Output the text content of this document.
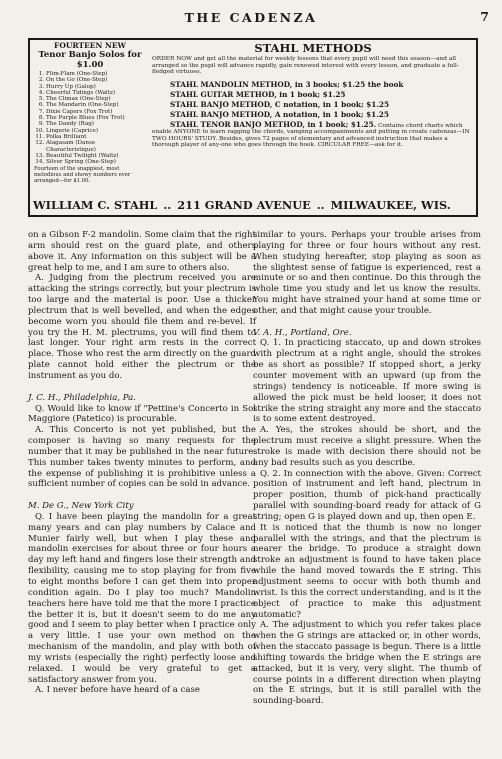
THE CADENZA	7
FOURTEEN NEW
Tenor Banjo Solos for $1.00
1. Flim-Flam (One-Step)
2. On the Go (One-Step)
3. Hurry Up (Galop)
4. Cheerful Tidings (Waltz)
5. The Climax (One-Step)
6. The Mandarin (One-Step)
7. Dixie Capers (Fox Trot)
8. The Purple Blues (Fox Trot)
9. The Dandy (Rag)
10. Lingerie (Caprice)
11. Polka Brilliant
12. Alagasam (Danse Characteristique)
13. Beautiful Twilight (Waltz)
14. Silver Spring (One-Step)
Fourteen of the snappiest, most melodious and showy numbers ever arranged—for $1.00.
STAHL METHODS
ORDER NOW and get all the material for weekly lessons that every pupil will need this season—and all arranged so the pupil will advance rapidly, gain renewed interest with every lesson, and graduate a full-fledged virtuoso.
STAHL MANDOLIN METHOD, in 3 books; $1.25 the book
STAHL GUITAR METHOD, in 1 book; $1.25
STAHL BANJO METHOD, C notation, in 1 book; $1.25
STAHL BANJO METHOD, A notation, in 1 book; $1.25
STAHL TENOR BANJO METHOD, in 1 book; $1.25. Contains chord charts which enable ANYONE to learn ragging the chords, vamping accompaniments and putting in create cadenzas—IN TWO HOURS' STUDY. Besides, gives 72 pages of elementary and advanced instruction that makes a thorough player of any-one who goes through the book. CIRCULAR FREE—ask for it.
WILLIAM C. STAHL .. 211 GRAND AVENUE .. MILWAUKEE, WIS.

on a Gibson F-2 mandolin. Some claim that the right arm should rest on the guard plate, and others above it. Any information on this subject will be a great help to me, and I am sure to others also.

A. Judging from the plectrum received you are attacking the strings correctly, but your plectrum is too large and the material is poor. Use a thicker plectrum that is well bevelled, and when the edges become worn you should file them and re-bevel. If you try the H. M. plectrums, you will find them to last longer. Your right arm rests in the correct place. Those who rest the arm directly on the guard plate cannot hold either the plectrum or the instrument as you do.

J. C. H., Philadelphia, Pa.

Q. Would like to know if "Pettine's Concerto in Sol Maggiore (Patetico) is procurable.

A. This Concerto is not yet published, but the composer is having so many requests for the number that it may be published in the near future. This number takes twenty minutes to perform, and the expense of publishing it is prohibitive unless a sufficient number of copies can be sold in advance.

M. De G., New York City

Q. I have been playing the mandolin for a great many years and can play numbers by Calace and Munier fairly well, but when I play these and mandolin exercises for about three or four hours a day my left hand and fingers lose their strength and flexibility, causing me to stop playing for from five to eight months before I can get them into proper condition again. Do I play too much? Mandolin teachers here have told me that the more I practice the better it is, but it doesn't seem to do me any good and I seem to play better when I practice only a very little. I use your own method on the mechanism of the mandolin, and play with both of my wrists (especially the right) perfectly loose and relaxed. I would be very grateful to get a satisfactory answer from you.

A. I never before have heard of a case

similar to yours. Perhaps your trouble arises from playing for three or four hours without any rest. When studying hereafter, stop playing as soon as the slightest sense of fatigue is experienced, rest a minute or so and then continue. Do this through the whole time you study and let us know the results. You might have strained your hand at some time or other, and that might cause your trouble.

V. A. H., Portland, Ore.

Q. 1. In practicing staccato, up and down strokes with plectrum at a right angle, should the strokes be as short as possible? If stopped short, a jerky counter movement with an upward (up from the strings) tendency is noticeable. If more swing is allowed the pick must be held looser, it does not strike the string straight any more and the staccato is to some extent destroyed.

A. Yes, the strokes should be short, and the plectrum must receive a slight pressure. When the stroke is made with decision there should not be any bad results such as you describe.

Q. 2. In connection with the above. Given: Correct position of instrument and left hand, plectrum in proper position, thumb of pick-hand practically parallel with sounding-board ready for attack of G string; open G is played down and up, then open E.

It is noticed that the thumb is now no longer parallel with the strings, and that the plectrum is nearer the bridge. To produce a straight down stroke an adjustment is found to have taken place while the hand moved towards the E string. This adjustment seems to occur with both thumb and wrist. Is this the correct understanding, and is it the object of practice to make this adjustment automatic?

A. The adjustment to which you refer takes place when the G strings are attacked or, in other words, when the staccato passage is begun. There is a little shifting towards the bridge when the E strings are attacked, but it is very, very slight. The thumb of course points in a different direction when playing on the E strings, but it is still parallel with the sounding-board.
